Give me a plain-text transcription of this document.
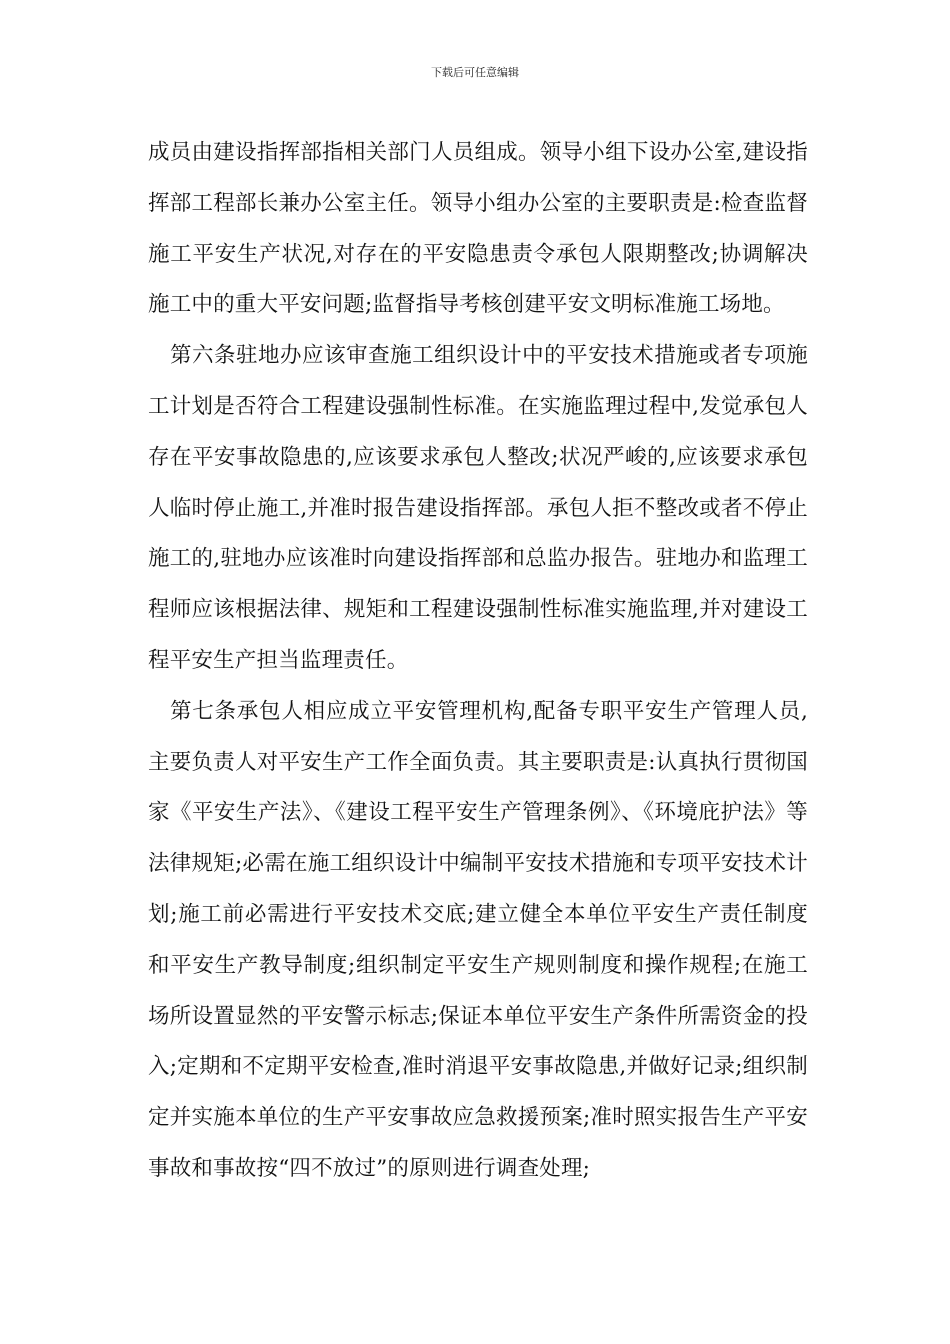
下载后可任意编辑

成员由建设指挥部指相关部门人员组成。领导小组下设办公室,建设指挥部工程部长兼办公室主任。领导小组办公室的主要职责是:检查监督施工平安生产状况,对存在的平安隐患责令承包人限期整改;协调解决施工中的重大平安问题;监督指导考核创建平安文明标准施工场地。

第六条驻地办应该审查施工组织设计中的平安技术措施或者专项施工计划是否符合工程建设强制性标准。在实施监理过程中,发觉承包人存在平安事故隐患的,应该要求承包人整改;状况严峻的,应该要求承包人临时停止施工,并准时报告建设指挥部。承包人拒不整改或者不停止施工的,驻地办应该准时向建设指挥部和总监办报告。驻地办和监理工程师应该根据法律、规矩和工程建设强制性标准实施监理,并对建设工程平安生产担当监理责任。

第七条承包人相应成立平安管理机构,配备专职平安生产管理人员,主要负责人对平安生产工作全面负责。其主要职责是:认真执行贯彻国家《平安生产法》、《建设工程平安生产管理条例》、《环境庇护法》等法律规矩;必需在施工组织设计中编制平安技术措施和专项平安技术计划;施工前必需进行平安技术交底;建立健全本单位平安生产责任制度和平安生产教导制度;组织制定平安生产规则制度和操作规程;在施工场所设置显然的平安警示标志;保证本单位平安生产条件所需资金的投入;定期和不定期平安检查,准时消退平安事故隐患,并做好记录;组织制定并实施本单位的生产平安事故应急救援预案;准时照实报告生产平安事故和事故按“四不放过”的原则进行调查处理;
